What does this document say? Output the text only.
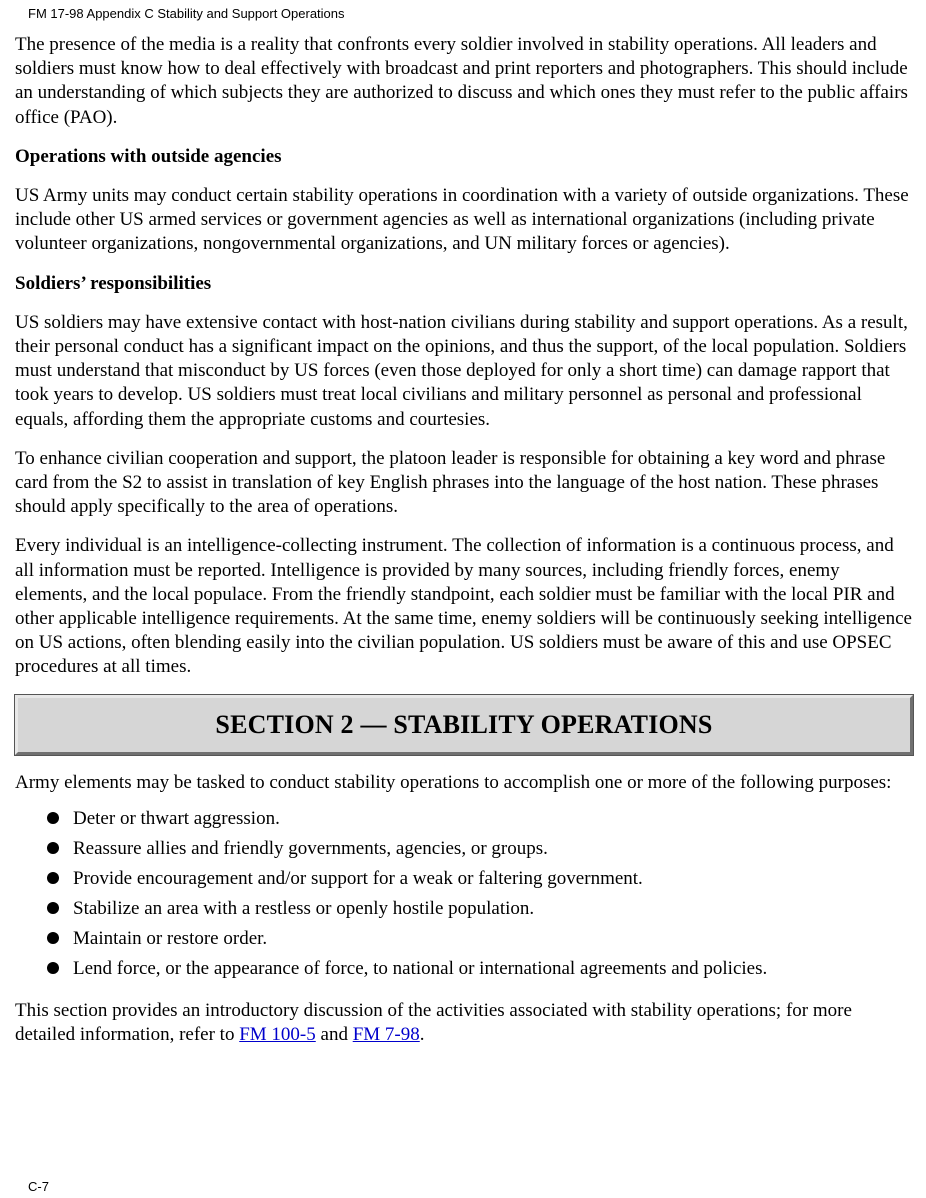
FM 17-98 Appendix C Stability and Support Operations

The presence of the media is a reality that confronts every soldier involved in stability operations. All leaders and soldiers must know how to deal effectively with broadcast and print reporters and photographers. This should include an understanding of which subjects they are authorized to discuss and which ones they must refer to the public affairs office (PAO).

Operations with outside agencies

US Army units may conduct certain stability operations in coordination with a variety of outside organizations. These include other US armed services or government agencies as well as international organizations (including private volunteer organizations, nongovernmental organizations, and UN military forces or agencies).

Soldiers’ responsibilities

US soldiers may have extensive contact with host-nation civilians during stability and support operations. As a result, their personal conduct has a significant impact on the opinions, and thus the support, of the local population. Soldiers must understand that misconduct by US forces (even those deployed for only a short time) can damage rapport that took years to develop. US soldiers must treat local civilians and military personnel as personal and professional equals, affording them the appropriate customs and courtesies.

To enhance civilian cooperation and support, the platoon leader is responsible for obtaining a key word and phrase card from the S2 to assist in translation of key English phrases into the language of the host nation. These phrases should apply specifically to the area of operations.

Every individual is an intelligence-collecting instrument. The collection of information is a continuous process, and all information must be reported. Intelligence is provided by many sources, including friendly forces, enemy elements, and the local populace. From the friendly standpoint, each soldier must be familiar with the local PIR and other applicable intelligence requirements. At the same time, enemy soldiers will be continuously seeking intelligence on US actions, often blending easily into the civilian population. US soldiers must be aware of this and use OPSEC procedures at all times.

SECTION 2 — STABILITY OPERATIONS

Army elements may be tasked to conduct stability operations to accomplish one or more of the following purposes:

Deter or thwart aggression.
Reassure allies and friendly governments, agencies, or groups.
Provide encouragement and/or support for a weak or faltering government.
Stabilize an area with a restless or openly hostile population.
Maintain or restore order.
Lend force, or the appearance of force, to national or international agreements and policies.

This section provides an introductory discussion of the activities associated with stability operations; for more detailed information, refer to FM 100-5 and FM 7-98.

C-7
